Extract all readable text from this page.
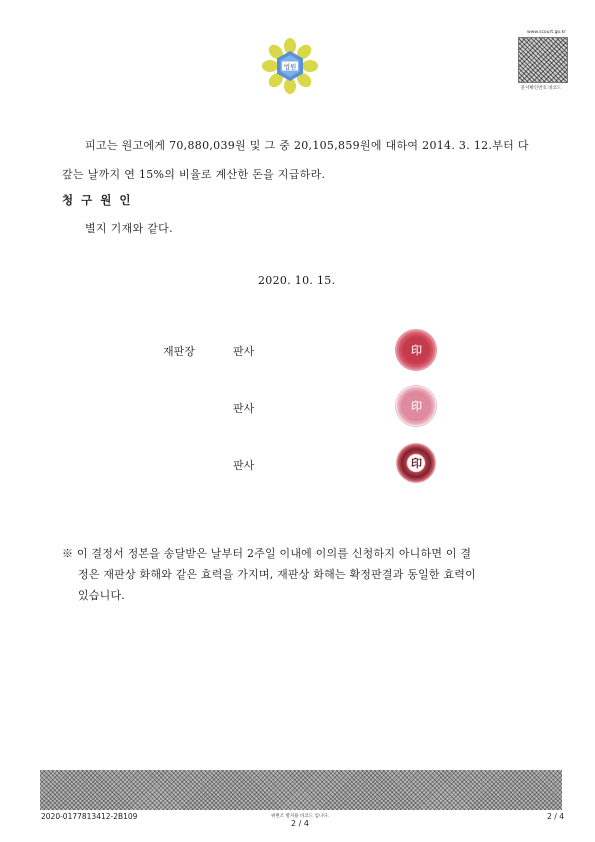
법원
www.scourt.go.kr
문서확인번호 바코드
피고는 원고에게 70,880,039원 및 그 중 20,105,859원에 대하여 2014. 3. 12.부터 다
갚는 날까지 연 15%의 비율로 계산한 돈을 지급하라.
청 구 원 인
별지 기재와 같다.
2020. 10. 15.
재판장	판사	印
판사	印
판사	印
※ 이 결정서 정본을 송달받은 날부터 2주일 이내에 이의를 신청하지 아니하면 이 결
정은 재판상 화해와 같은 효력을 가지며, 재판상 화해는 확정판결과 동일한 효력이
있습니다.
2020-0177813412-2B109	위변조 방지용 바코드 입니다.
2 / 4
2 / 4
